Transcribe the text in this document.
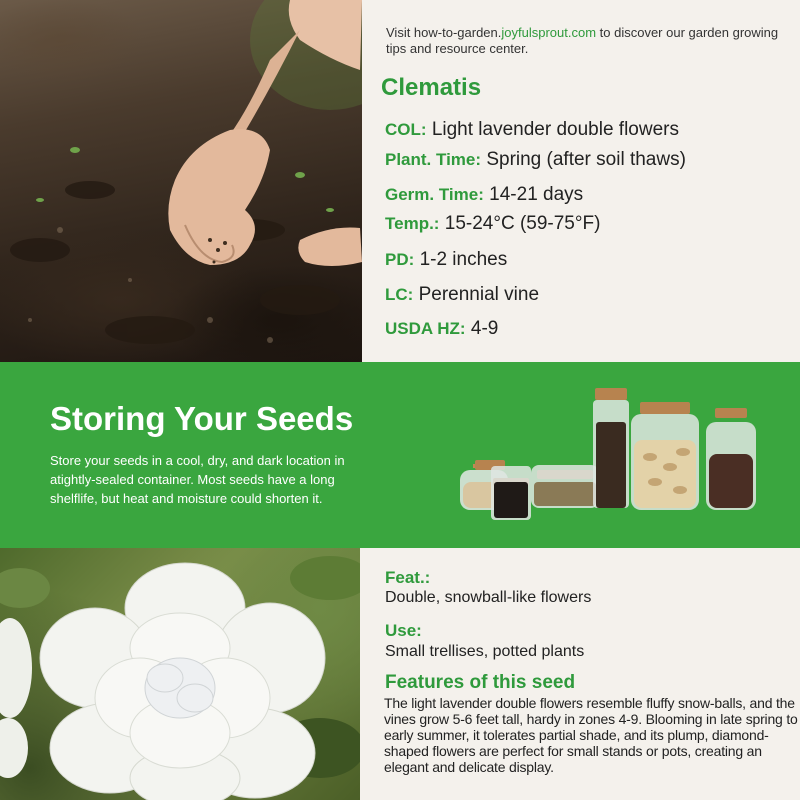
Visit how-to-garden.joyfulsprout.com to discover our garden growing tips and resource center.

Clematis
COL: Light lavender double flowers
Plant. Time: Spring (after soil thaws)
Germ. Time: 14-21 days
Temp.: 15-24°C (59-75°F)
PD: 1-2 inches
LC: Perennial vine
USDA HZ: 4-9
Storing Your Seeds

Store your seeds in a cool, dry, and dark location in atightly-sealed container. Most seeds have a long shelflife, but heat and moisture could shorten it.

Feat.:
Double, snowball-like flowers
Use:
Small trellises, potted plants
Features of this seed

The light lavender double flowers resemble fluffy snow-balls, and the vines grow 5-6 feet tall, hardy in zones 4-9. Blooming in late spring to early summer, it tolerates partial shade, and its plump, diamond-shaped flowers are perfect for small stands or pots, creating an elegant and delicate display.
